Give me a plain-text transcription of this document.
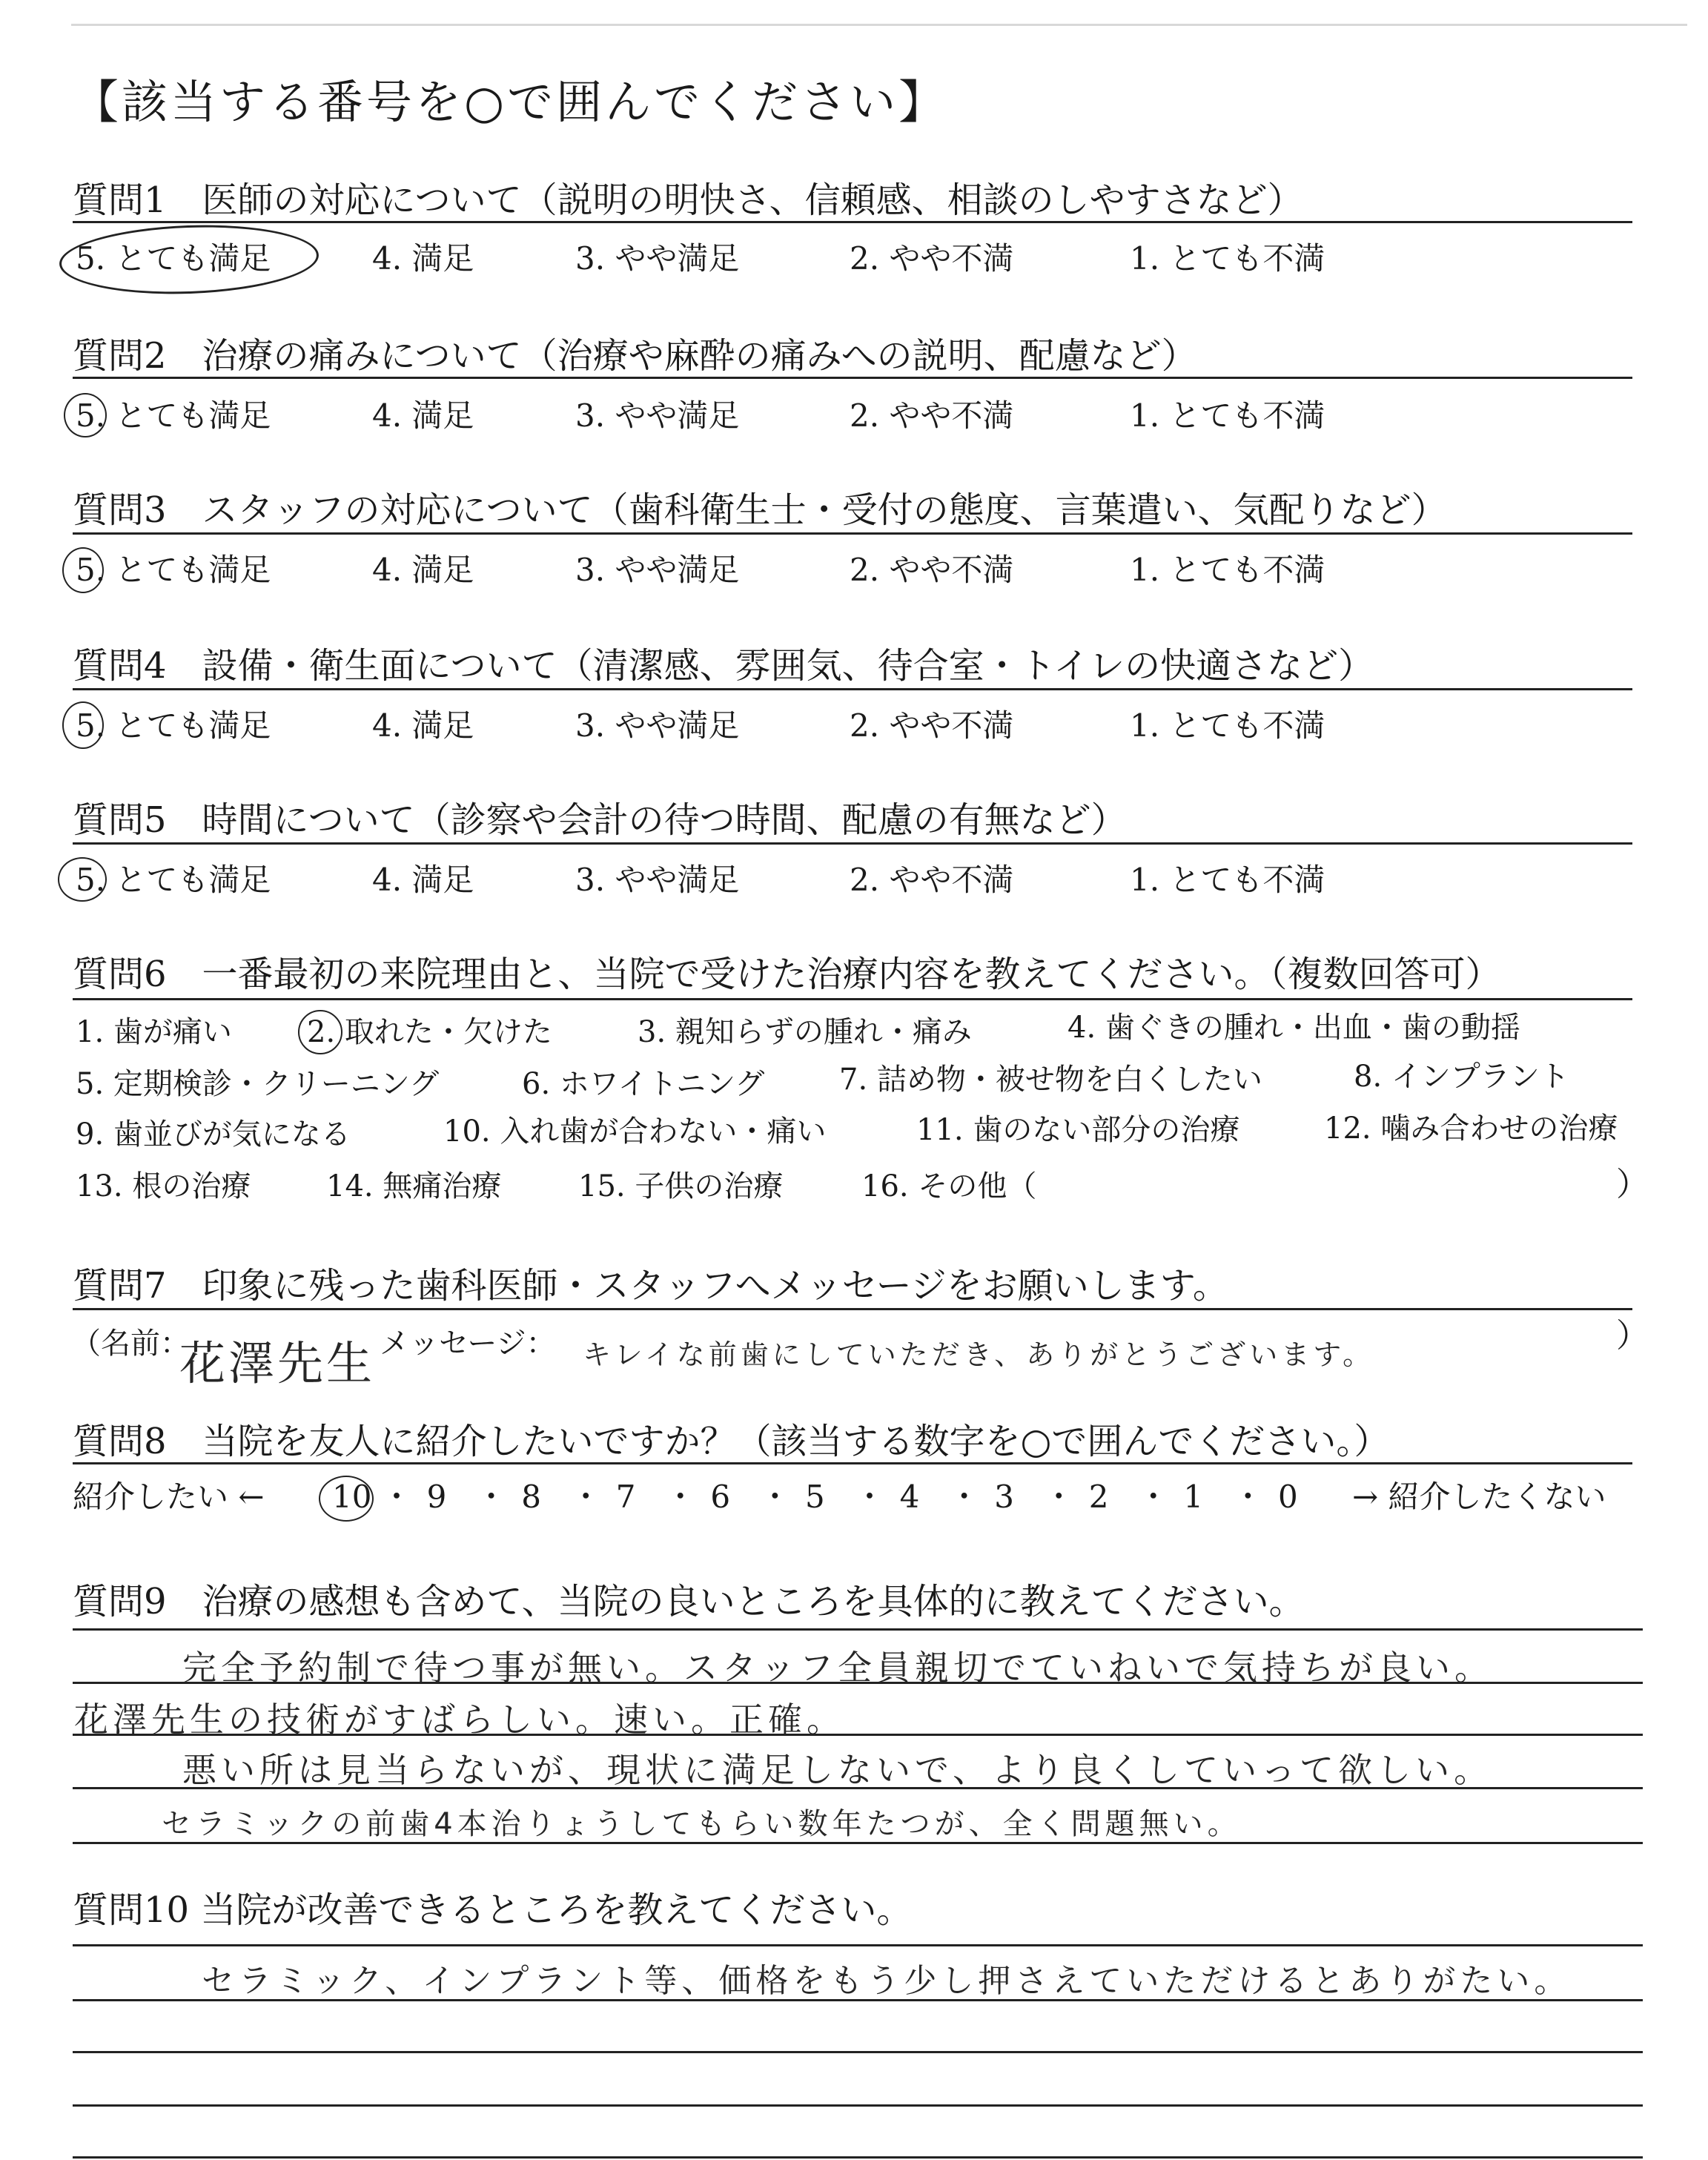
【該当する番号を○で囲んでください】
質問1　医師の対応について（説明の明快さ、信頼感、相談のしやすさなど）
5. とても満足	4. 満足	3. やや満足	2. やや不満	1. とても不満
質問2　治療の痛みについて（治療や麻酔の痛みへの説明、配慮など）
5. とても満足	4. 満足	3. やや満足	2. やや不満	1. とても不満
質問3　スタッフの対応について（歯科衛生士・受付の態度、言葉遣い、気配りなど）
5. とても満足	4. 満足	3. やや満足	2. やや不満	1. とても不満
質問4　設備・衛生面について（清潔感、雰囲気、待合室・トイレの快適さなど）
5. とても満足	4. 満足	3. やや満足	2. やや不満	1. とても不満
質問5　時間について（診察や会計の待つ時間、配慮の有無など）
5. とても満足	4. 満足	3. やや満足	2. やや不満	1. とても不満
質問6　一番最初の来院理由と、当院で受けた治療内容を教えてください。（複数回答可）
1. 歯が痛い	2. 取れた・欠けた	3. 親知らずの腫れ・痛み	4. 歯ぐきの腫れ・出血・歯の動揺
5. 定期検診・クリーニング	6. ホワイトニング	7. 詰め物・被せ物を白くしたい	8. インプラント
9. 歯並びが気になる	10. 入れ歯が合わない・痛い	11. 歯のない部分の治療	12. 噛み合わせの治療
13. 根の治療	14. 無痛治療	15. 子供の治療	16. その他（	）
質問7　印象に残った歯科医師・スタッフへメッセージをお願いします。
（名前：
花澤先生 メッセージ： キレイな前歯にしていただき、ありがとうございます。	）
質問8　当院を友人に紹介したいですか？（該当する数字を○で囲んでください。）
紹介したい ← 10 ・ 9 ・ 8 ・ 7 ・ 6 ・ 5 ・ 4 ・ 3 ・ 2 ・ 1 ・ 0 → 紹介したくない
質問9　治療の感想も含めて、当院の良いところを具体的に教えてください。
完全予約制で待つ事が無い。スタッフ全員親切でていねいで気持ちが良い。
花澤先生の技術がすばらしい。速い。正確。
悪い所は見当らないが、現状に満足しないで、より良くしていって欲しい。
セラミックの前歯4本治りょうしてもらい数年たつが、全く問題無い。
質問10 当院が改善できるところを教えてください。
セラミック、インプラント等、価格をもう少し押さえていただけるとありがたい。
